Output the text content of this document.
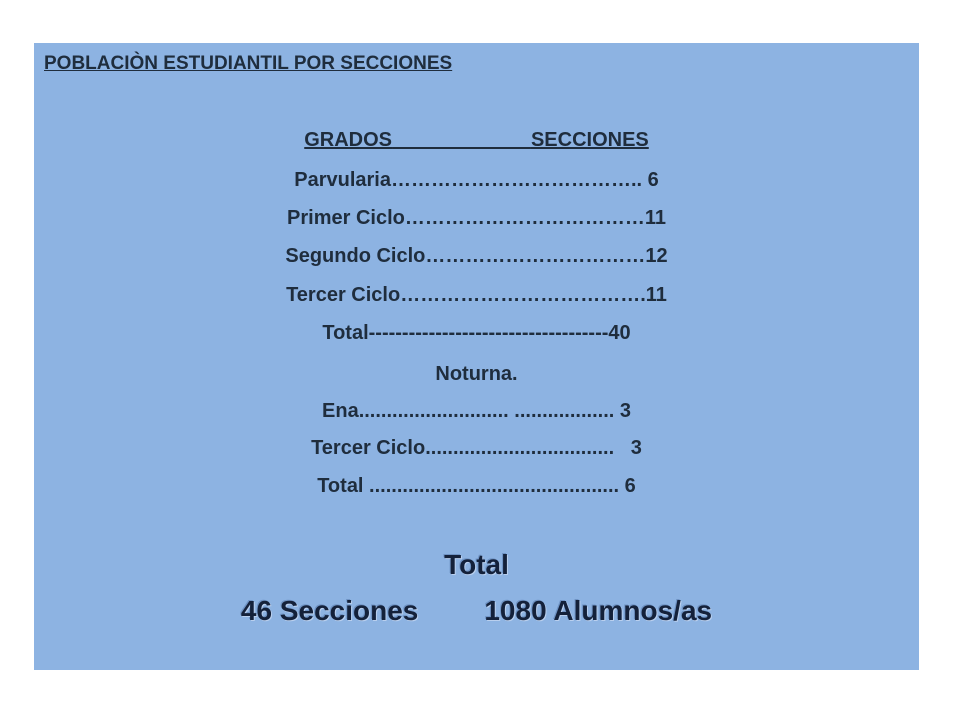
POBLACIÒN ESTUDIANTIL POR SECCIONES
GRADOS	SECCIONES
Parvularia……………………………….. 6
Primer Ciclo………………………………11
Segundo Ciclo……………………………12
Tercer Ciclo……………………………….11
Total------------------------------------40
Noturna.
Ena........................... .................. 3
Tercer Ciclo..................................   3
Total ............................................. 6
Total
46 Secciones 1080 Alumnos/as
